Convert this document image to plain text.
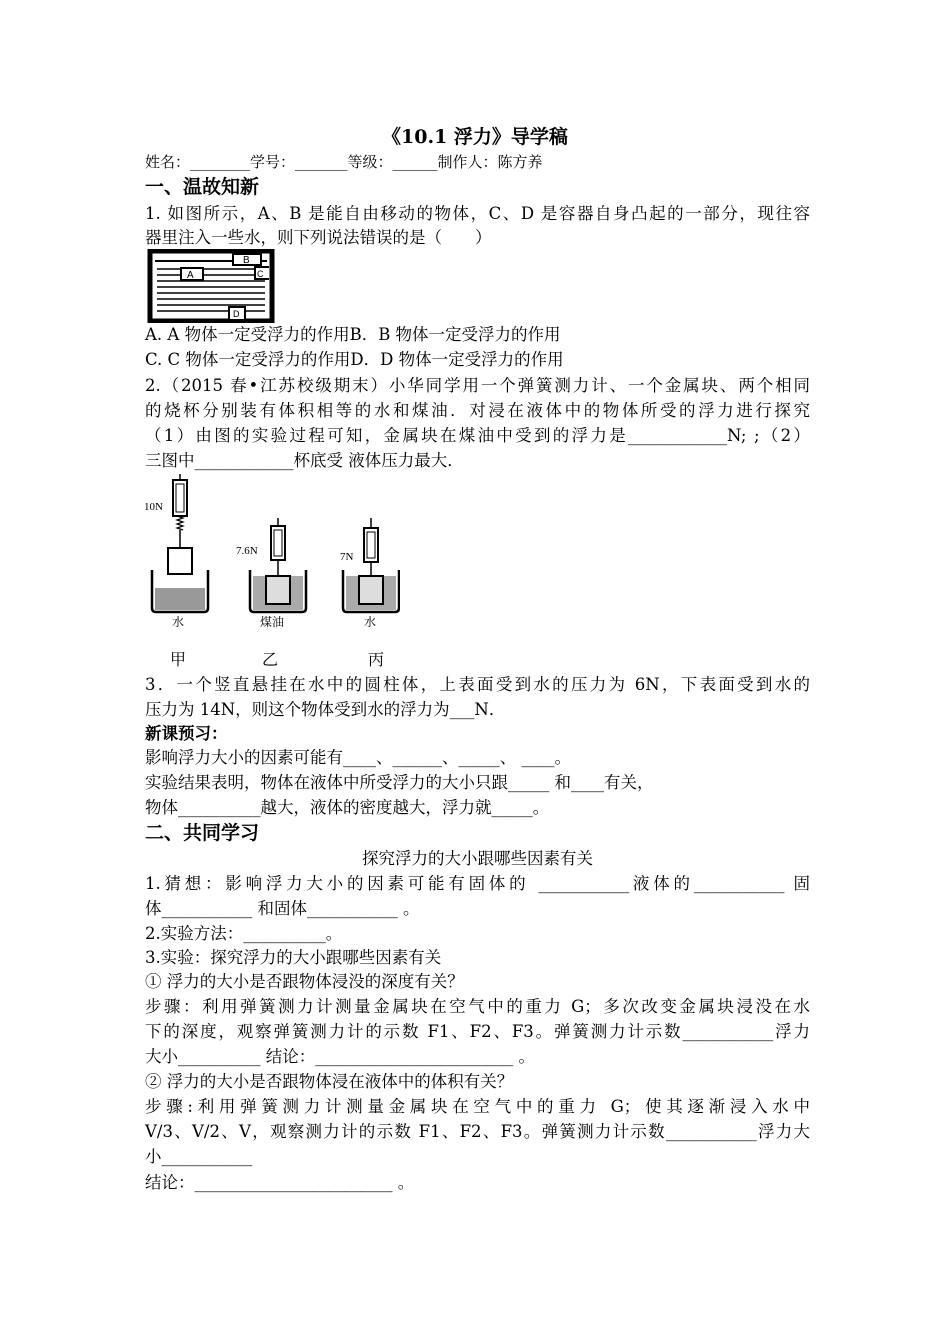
《10.1 浮力》导学稿
姓名：________学号：_______等级：______制作人：陈方养
一、温故知新
1. 如图所示，A、B 是能自由移动的物体，C、D 是容器自身凸起的一部分，现往容
器里注入一些水，则下列说法错误的是（　　）
A
B
C
D
A. A 物体一定受浮力的作用B．B 物体一定受浮力的作用
C. C 物体一定受浮力的作用D．D 物体一定受浮力的作用
2.（2015 春•江苏校级期末）小华同学用一个弹簧测力计、一个金属块、两个相同
的烧杯分别装有体积相等的水和煤油．对浸在液体中的物体所受的浮力进行探究
（1）由图的实验过程可知，金属块在煤油中受到的浮力是____________N; ;（2）
三图中____________杯底受 液体压力最大．
10N
水
7.6N
煤油
7N
水
甲	乙	丙
3．一个竖直悬挂在水中的圆柱体，上表面受到水的压力为 6N，下表面受到水的
压力为 14N，则这个物体受到水的浮力为___N．
新课预习：
影响浮力大小的因素可能有____、______、_____、 ____。
实验结果表明，物体在液体中所受浮力的大小只跟_____ 和____有关，
物体__________越大，液体的密度越大，浮力就_____。
二、共同学习
探究浮力的大小跟哪些因素有关
1.猜想：影响浮力大小的因素可能有固体的 ___________液体的___________ 固
体___________ 和固体___________ 。
2.实验方法：__________。
3.实验：探究浮力的大小跟哪些因素有关
① 浮力的大小是否跟物体浸没的深度有关？
步骤：利用弹簧测力计测量金属块在空气中的重力 G；多次改变金属块浸没在水
下的深度，观察弹簧测力计的示数 F1、F2、F3。弹簧测力计示数___________浮力
大小__________ 结论：________________________ 。
② 浮力的大小是否跟物体浸在液体中的体积有关？
步骤:利用弹簧测力计测量金属块在空气中的重力 G；使其逐渐浸入水中
V/3、V/2、V，观察测力计的示数 F1、F2、F3。弹簧测力计示数___________浮力大
小___________
结论：________________________ 。
